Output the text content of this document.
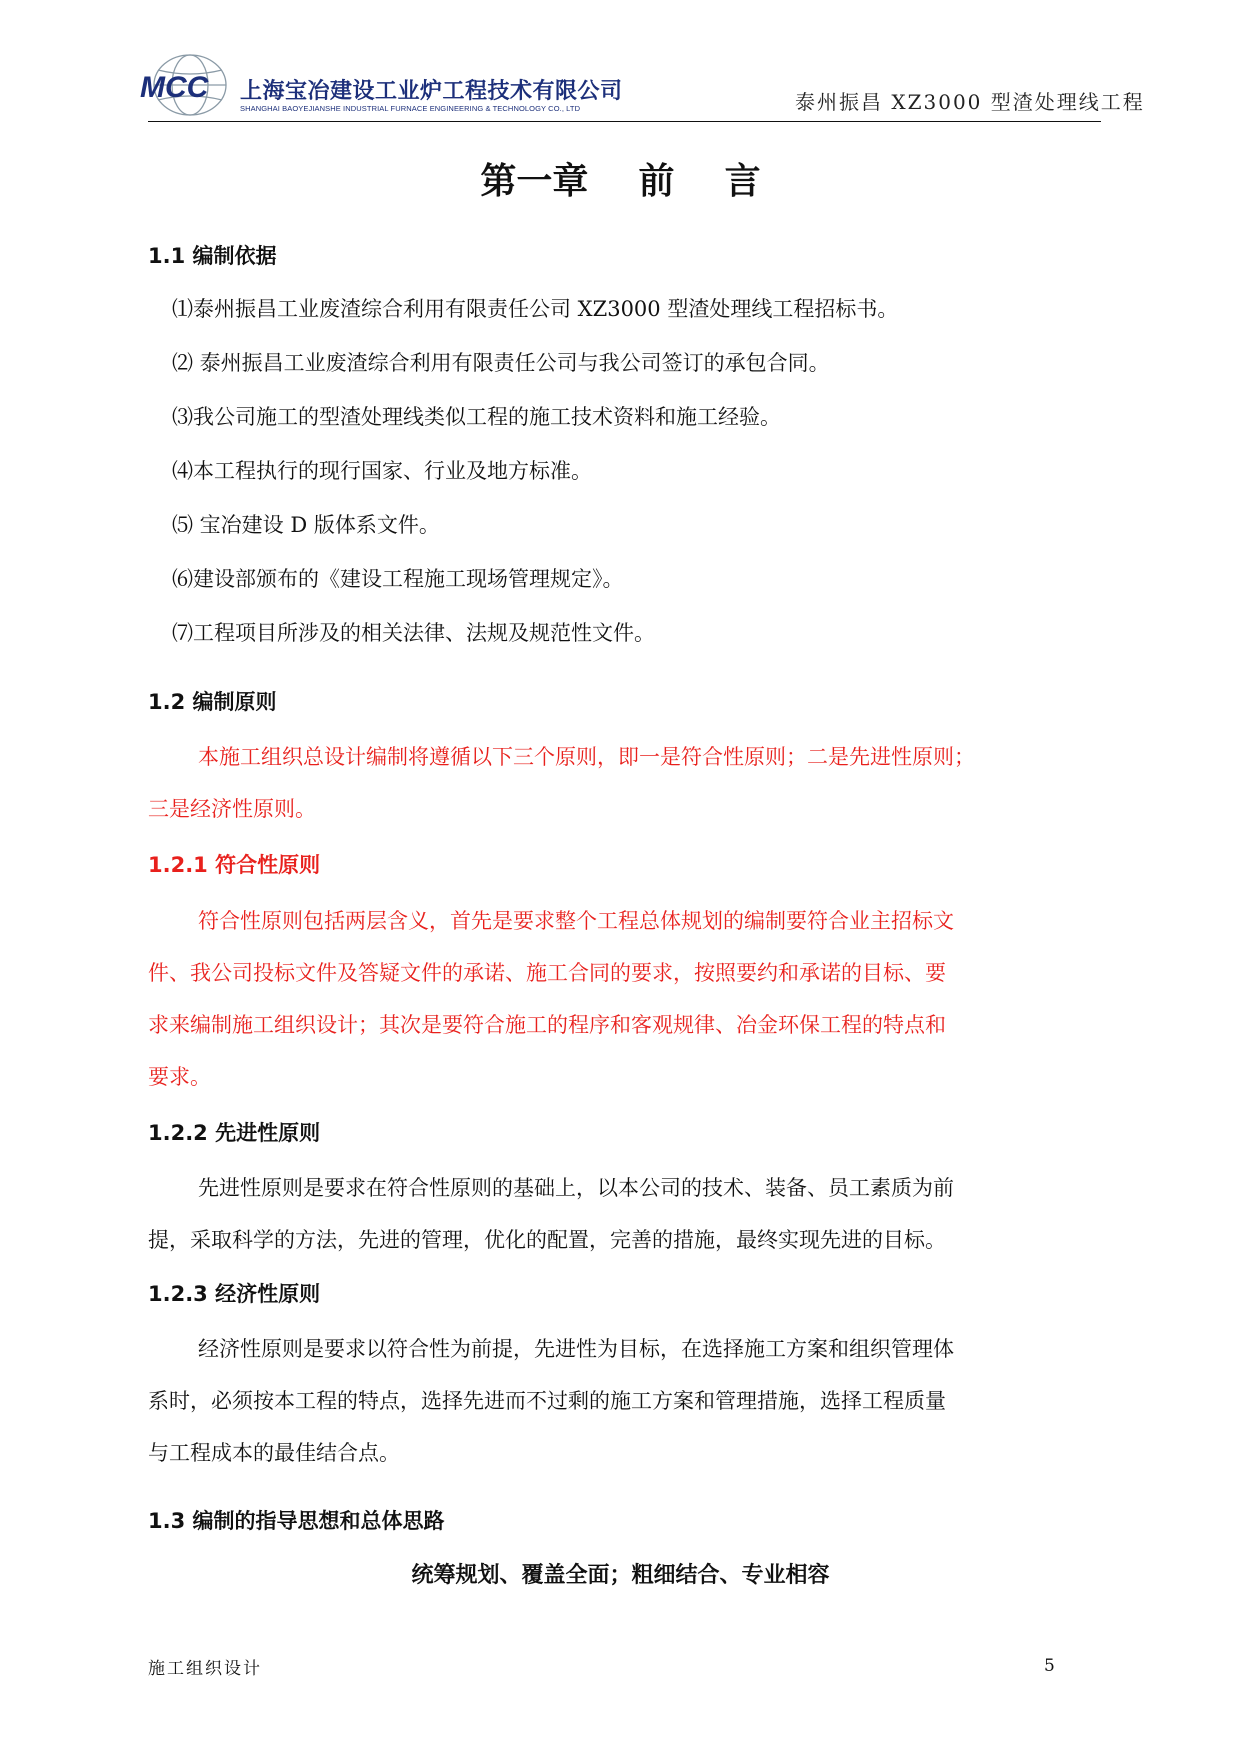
MCC 上海宝冶建设工业炉工程技术有限公司
SHANGHAI BAOYEJIANSHE INDUSTRIAL FURNACE ENGINEERING & TECHNOLOGY CO., LTD	泰州振昌 XZ3000 型渣处理线工程
第一章    前    言
1.1 编制依据
⑴泰州振昌工业废渣综合利用有限责任公司 XZ3000 型渣处理线工程招标书。
⑵ 泰州振昌工业废渣综合利用有限责任公司与我公司签订的承包合同。
⑶我公司施工的型渣处理线类似工程的施工技术资料和施工经验。
⑷本工程执行的现行国家、行业及地方标准。
⑸ 宝冶建设 D 版体系文件。
⑹建设部颁布的《建设工程施工现场管理规定》。
⑺工程项目所涉及的相关法律、法规及规范性文件。
1.2 编制原则
本施工组织总设计编制将遵循以下三个原则，即一是符合性原则；二是先进性原则；
三是经济性原则。
1.2.1 符合性原则
符合性原则包括两层含义，首先是要求整个工程总体规划的编制要符合业主招标文
件、我公司投标文件及答疑文件的承诺、施工合同的要求，按照要约和承诺的目标、要
求来编制施工组织设计；其次是要符合施工的程序和客观规律、冶金环保工程的特点和
要求。
1.2.2 先进性原则
先进性原则是要求在符合性原则的基础上，以本公司的技术、装备、员工素质为前
提，采取科学的方法，先进的管理，优化的配置，完善的措施，最终实现先进的目标。
1.2.3 经济性原则
经济性原则是要求以符合性为前提，先进性为目标，在选择施工方案和组织管理体
系时，必须按本工程的特点，选择先进而不过剩的施工方案和管理措施，选择工程质量
与工程成本的最佳结合点。
1.3 编制的指导思想和总体思路
统筹规划、覆盖全面；粗细结合、专业相容
施工组织设计	5
